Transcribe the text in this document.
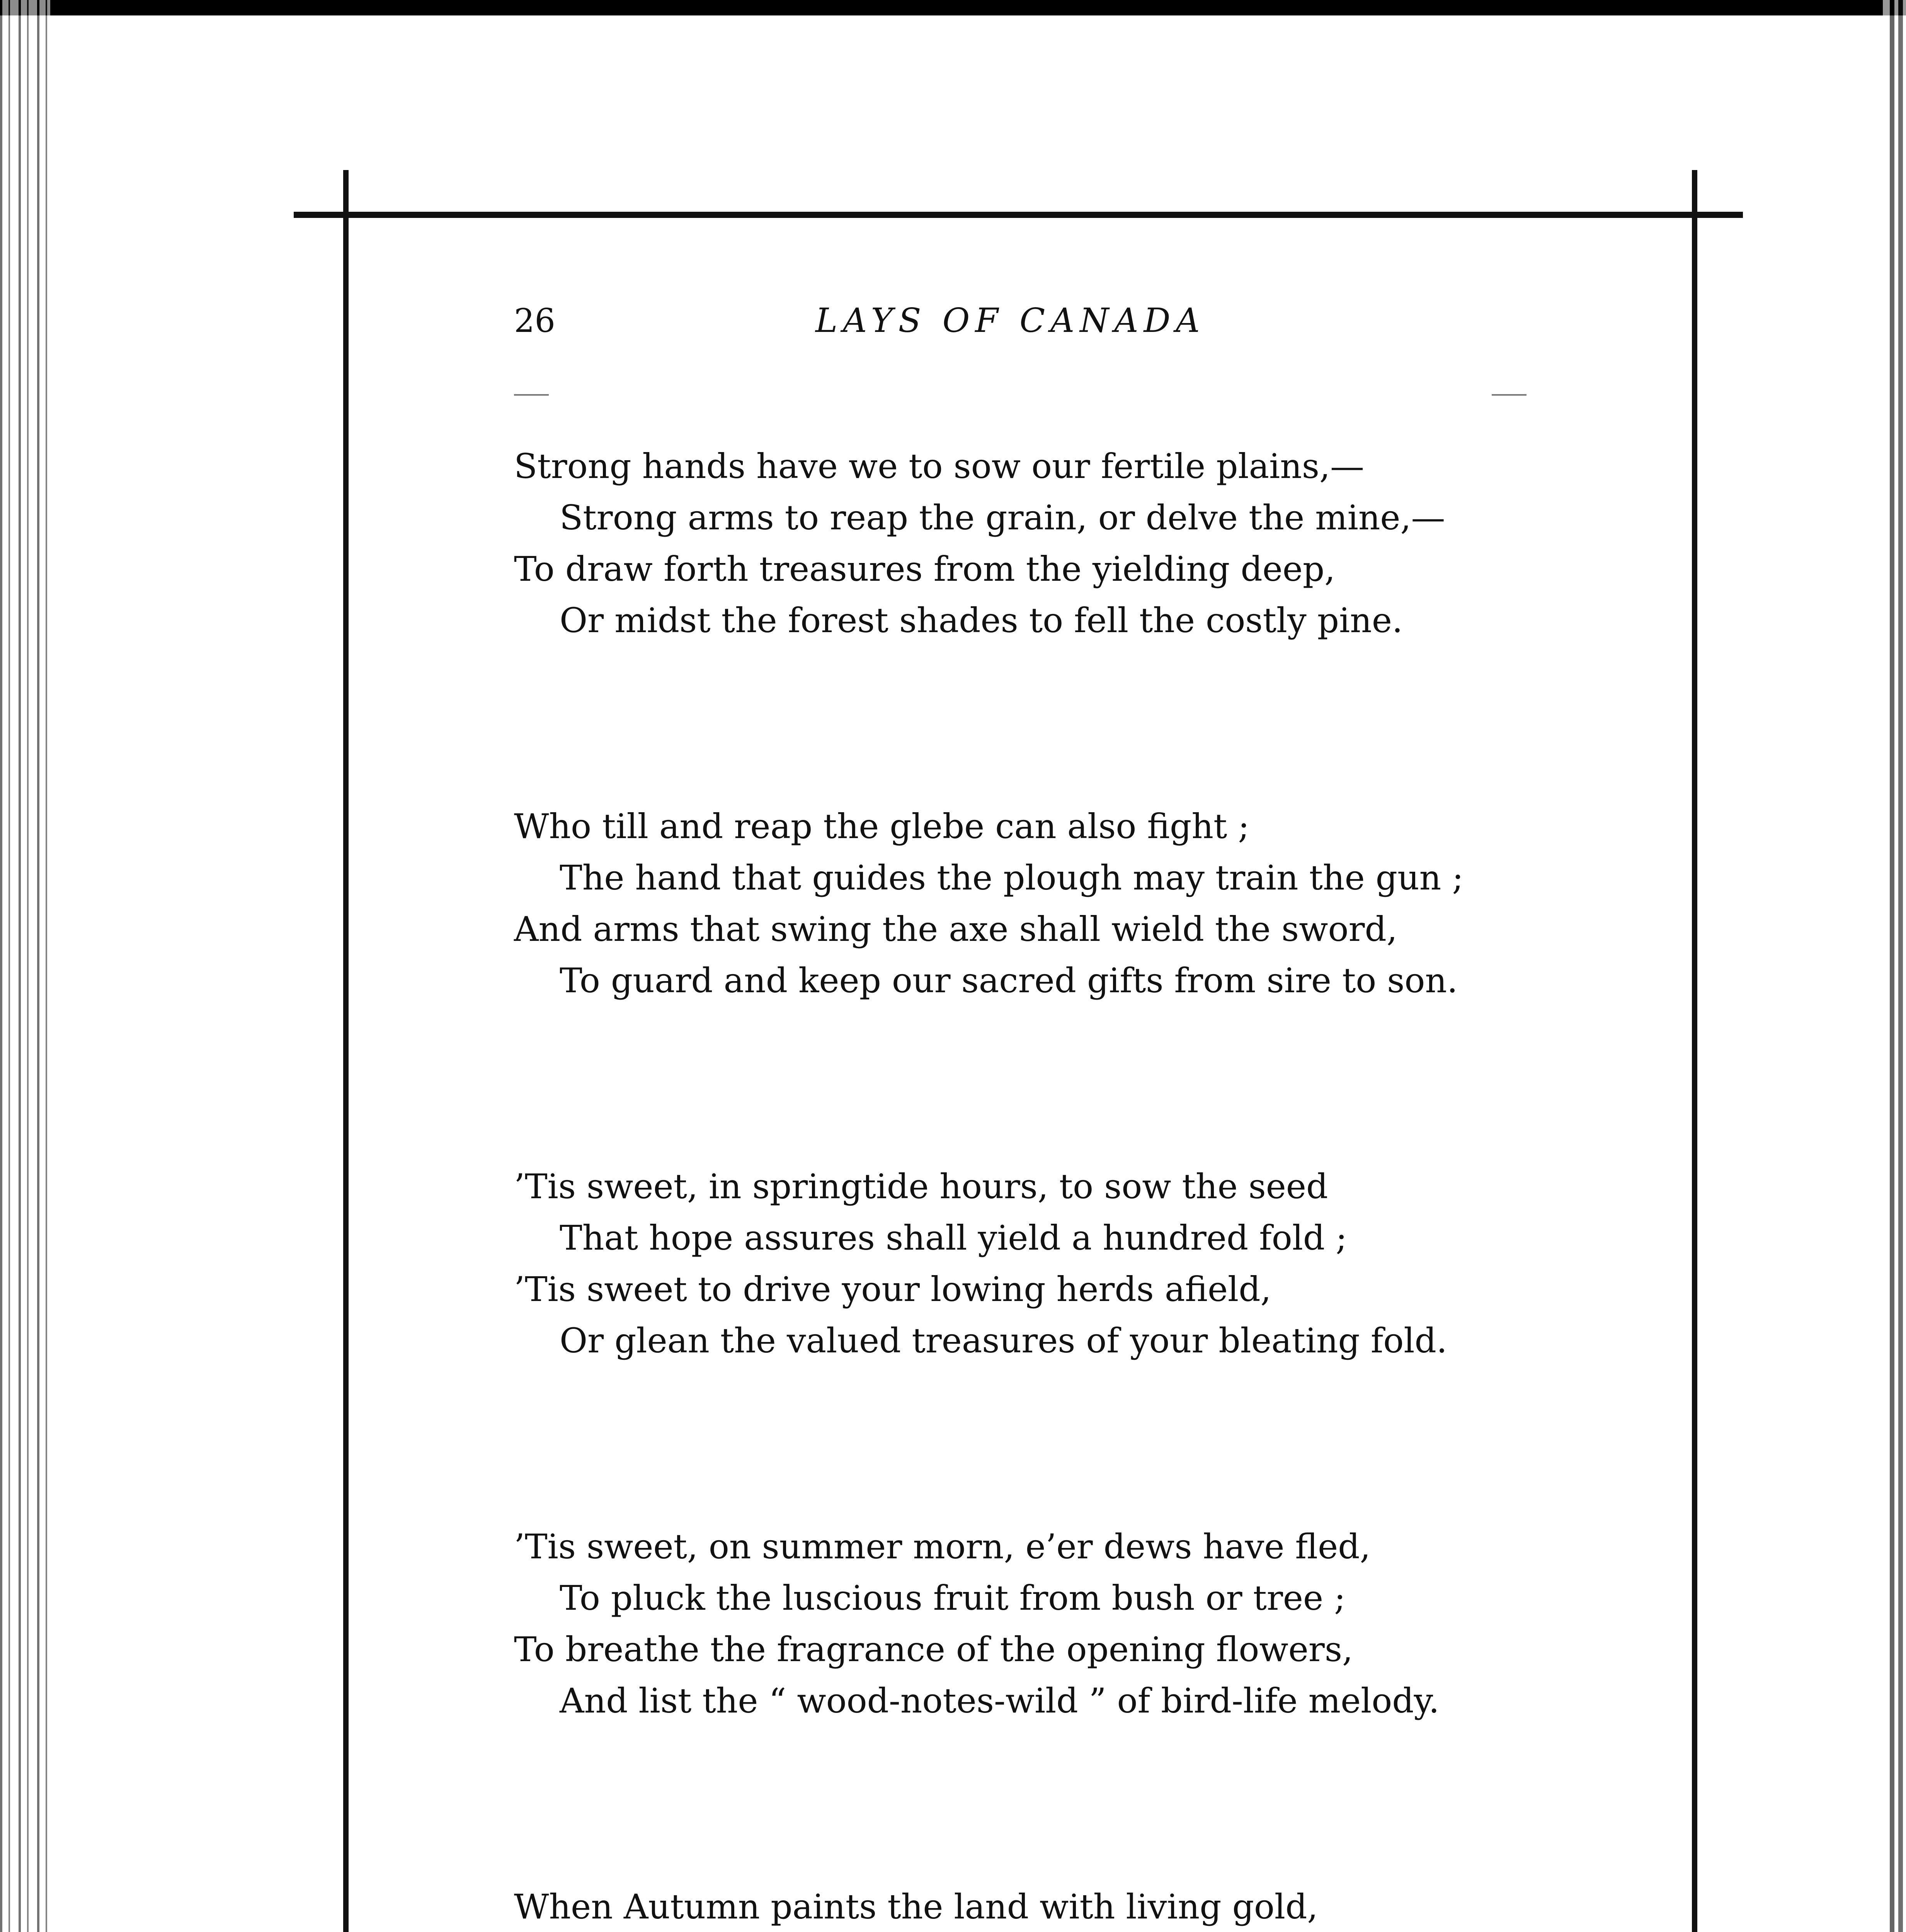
26	LAYS OF CANADA
Strong hands have we to sow our fertile plains,—
Strong arms to reap the grain, or delve the mine,—
To draw forth treasures from the yielding deep,
Or midst the forest shades to fell the costly pine.
Who till and reap the glebe can also fight ;
The hand that guides the plough may train the gun ;
And arms that swing the axe shall wield the sword,
To guard and keep our sacred gifts from sire to son.
’Tis sweet, in springtide hours, to sow the seed
That hope assures shall yield a hundred fold ;
’Tis sweet to drive your lowing herds afield,
Or glean the valued treasures of your bleating fold.
’Tis sweet, on summer morn, e’er dews have fled,
To pluck the luscious fruit from bush or tree ;
To breathe the fragrance of the opening flowers,
And list the “ wood-notes-wild ” of bird-life melody.
When Autumn paints the land with living gold,
